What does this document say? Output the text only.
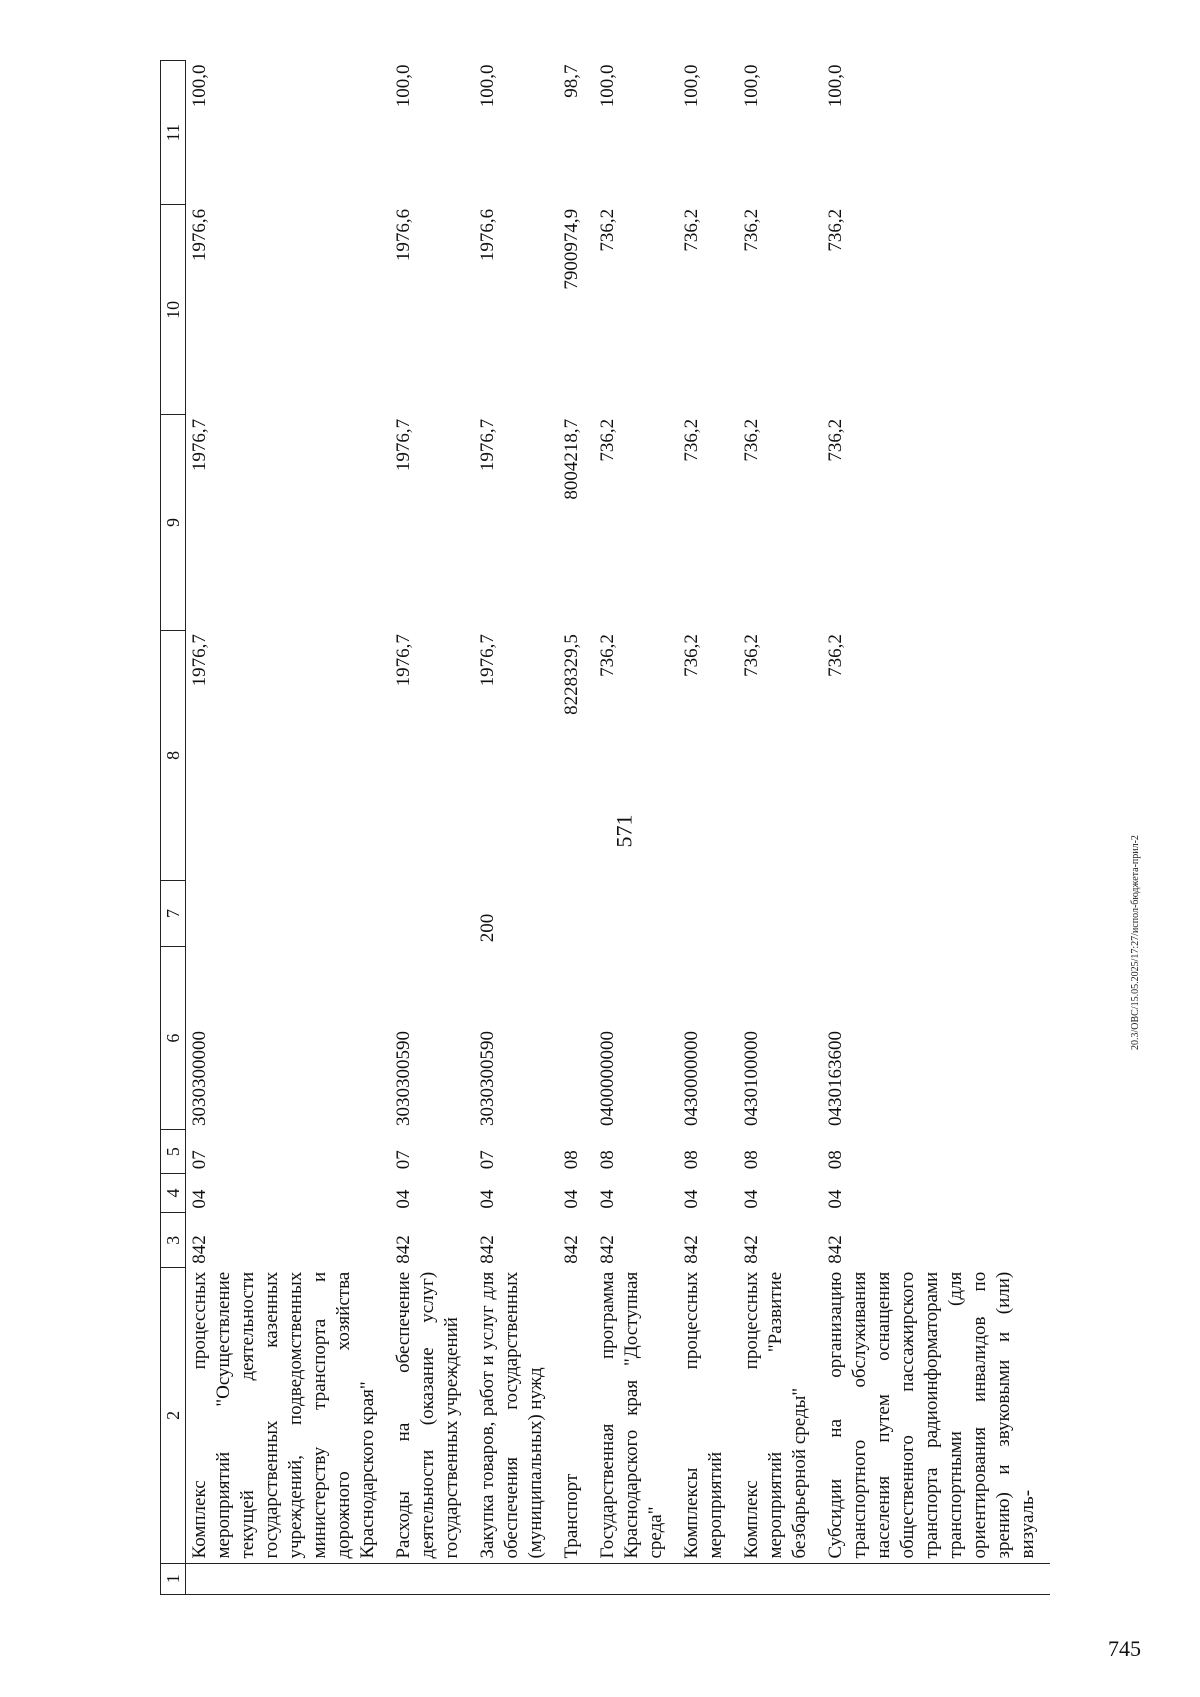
571
1	2	3	4	5	6	7	8	9	10	11
	Комплекс процессных мероприятий "Осуществление текущей деятельности государственных казенных учреждений, подведомственных министерству транспорта и дорожного хозяйства Краснодарского края"	842	04	07	3030300000		1976,7	1976,7	1976,6	100,0
	Расходы на обеспечение деятельности (оказание услуг) государственных учреждений	842	04	07	3030300590		1976,7	1976,7	1976,6	100,0
	Закупка товаров, работ и услуг для обеспечения государственных (муниципальных) нужд	842	04	07	3030300590	200	1976,7	1976,7	1976,6	100,0
	Транспорт	842	04	08			8228329,5	8004218,7	7900974,9	98,7
	Государственная программа Краснодарского края "Доступная среда"	842	04	08	0400000000		736,2	736,2	736,2	100,0
	Комплексы процессных мероприятий	842	04	08	0430000000		736,2	736,2	736,2	100,0
	Комплекс процессных мероприятий "Развитие безбарьерной среды"	842	04	08	0430100000		736,2	736,2	736,2	100,0
	Субсидии на организацию транспортного обслуживания населения путем оснащения общественного пассажирского транспорта радиоинформаторами транспортными (для ориентирования инвалидов по зрению) и звуковыми и (или) визуаль-	842	04	08	0430163600		736,2	736,2	736,2	100,0
745
20.3/ОВС/15.05.2025/17:27/испол-бюджета-прил-2
